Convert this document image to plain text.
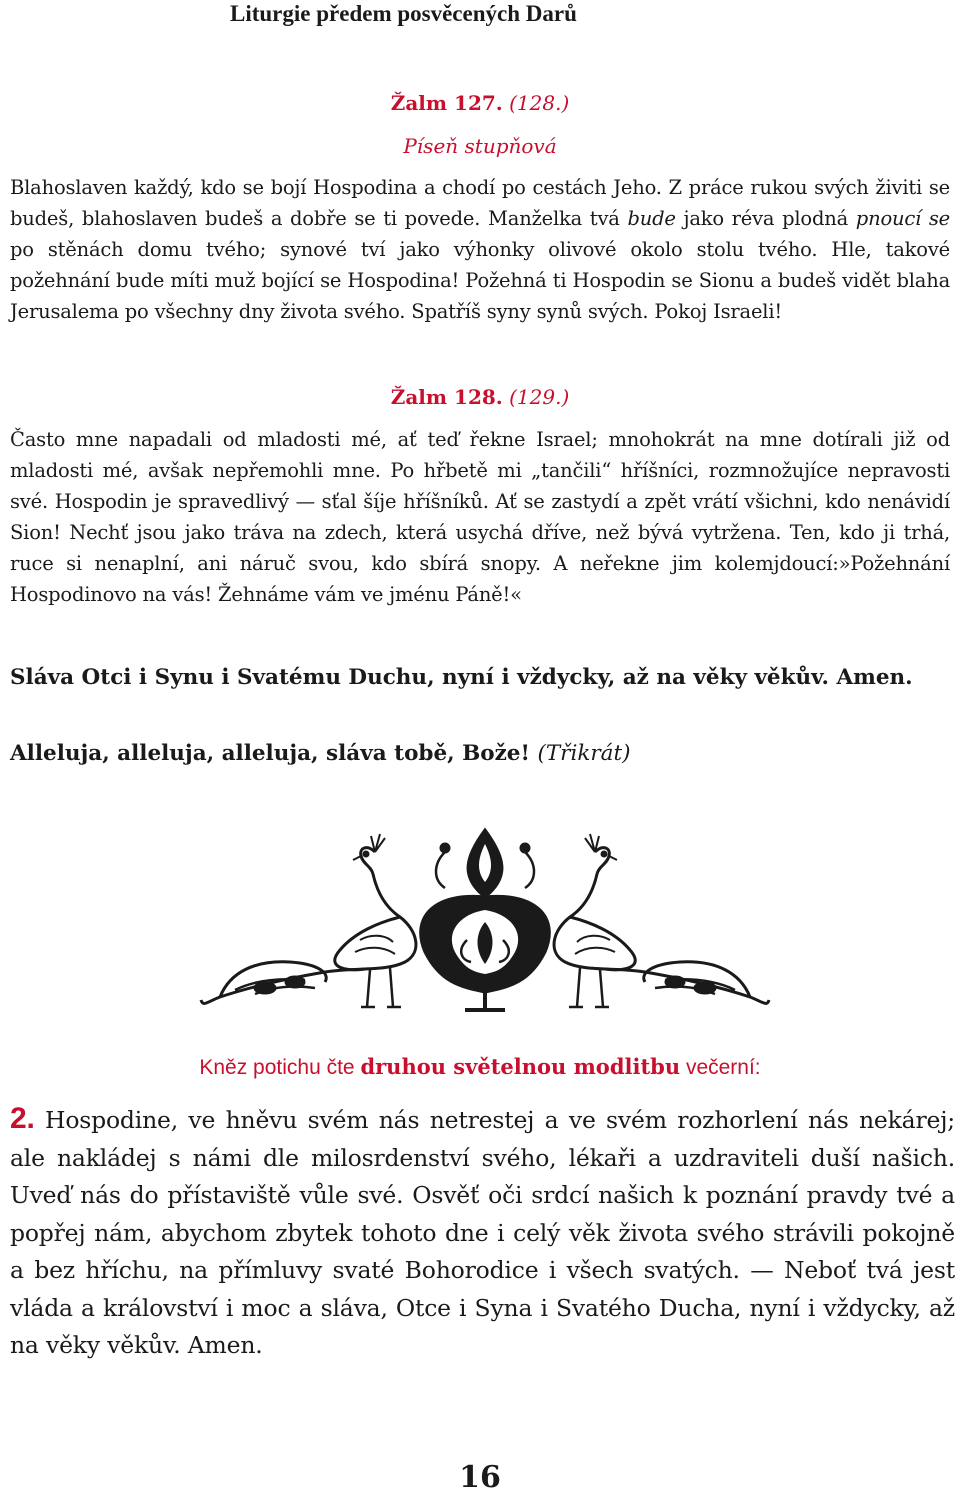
Liturgie předem posvěcených Darů
Žalm 127. (128.)
Píseň stupňová

Blahoslaven každý, kdo se bojí Hospodina a chodí po cestách Jeho. Z práce rukou svých živiti se budeš, blahoslaven budeš a dobře se ti povede. Manželka tvá bude jako réva plodná pnoucí se po stěnách domu tvého; synové tví jako výhonky olivové okolo stolu tvého. Hle, takové požehnání bude míti muž bojící se Hospodina! Požehná ti Hospodin se Sionu a budeš vidět blaha Jerusalema po všechny dny života svého. Spatříš syny synů svých. Pokoj Israeli!

Žalm 128. (129.)

Často mne napadali od mladosti mé, ať teď řekne Israel; mnohokrát na mne dotírali již od mladosti mé, avšak nepřemohli mne. Po hřbetě mi „tančili“ hříšníci, rozmnožujíce nepravosti své. Hospodin je spravedlivý — sťal šíje hříšníků. Ať se zastydí a zpět vrátí všichni, kdo nenávidí Sion! Nechť jsou jako tráva na zdech, která usychá dříve, než bývá vytržena. Ten, kdo ji trhá, ruce si nenaplní, ani náruč svou, kdo sbírá snopy. A neřekne jim kolemjdoucí:»Požehnání Hospodinovo na vás! Žehnáme vám ve jménu Páně!«

Sláva Otci i Synu i Svatému Duchu, nyní i vždycky, až na věky věkův. Amen.

Alleluja, alleluja, alleluja, sláva tobě, Bože! (Třikrát)

Kněz potichu čte druhou světelnou modlitbu večerní:

2. Hospodine, ve hněvu svém nás netrestej a ve svém rozhorlení nás nekárej; ale nakládej s námi dle milosrdenství svého, lékaři a uzdraviteli duší našich. Uveď nás do přístaviště vůle své. Osvěť oči srdcí našich k poznání pravdy tvé a popřej nám, abychom zbytek tohoto dne i celý věk života svého strávili pokojně a bez hříchu, na přímluvy svaté Bohorodice i všech svatých. — Neboť tvá jest vláda a království i moc a sláva, Otce i Syna i Svatého Ducha, nyní i vždycky, až na věky věkův. Amen.

16
